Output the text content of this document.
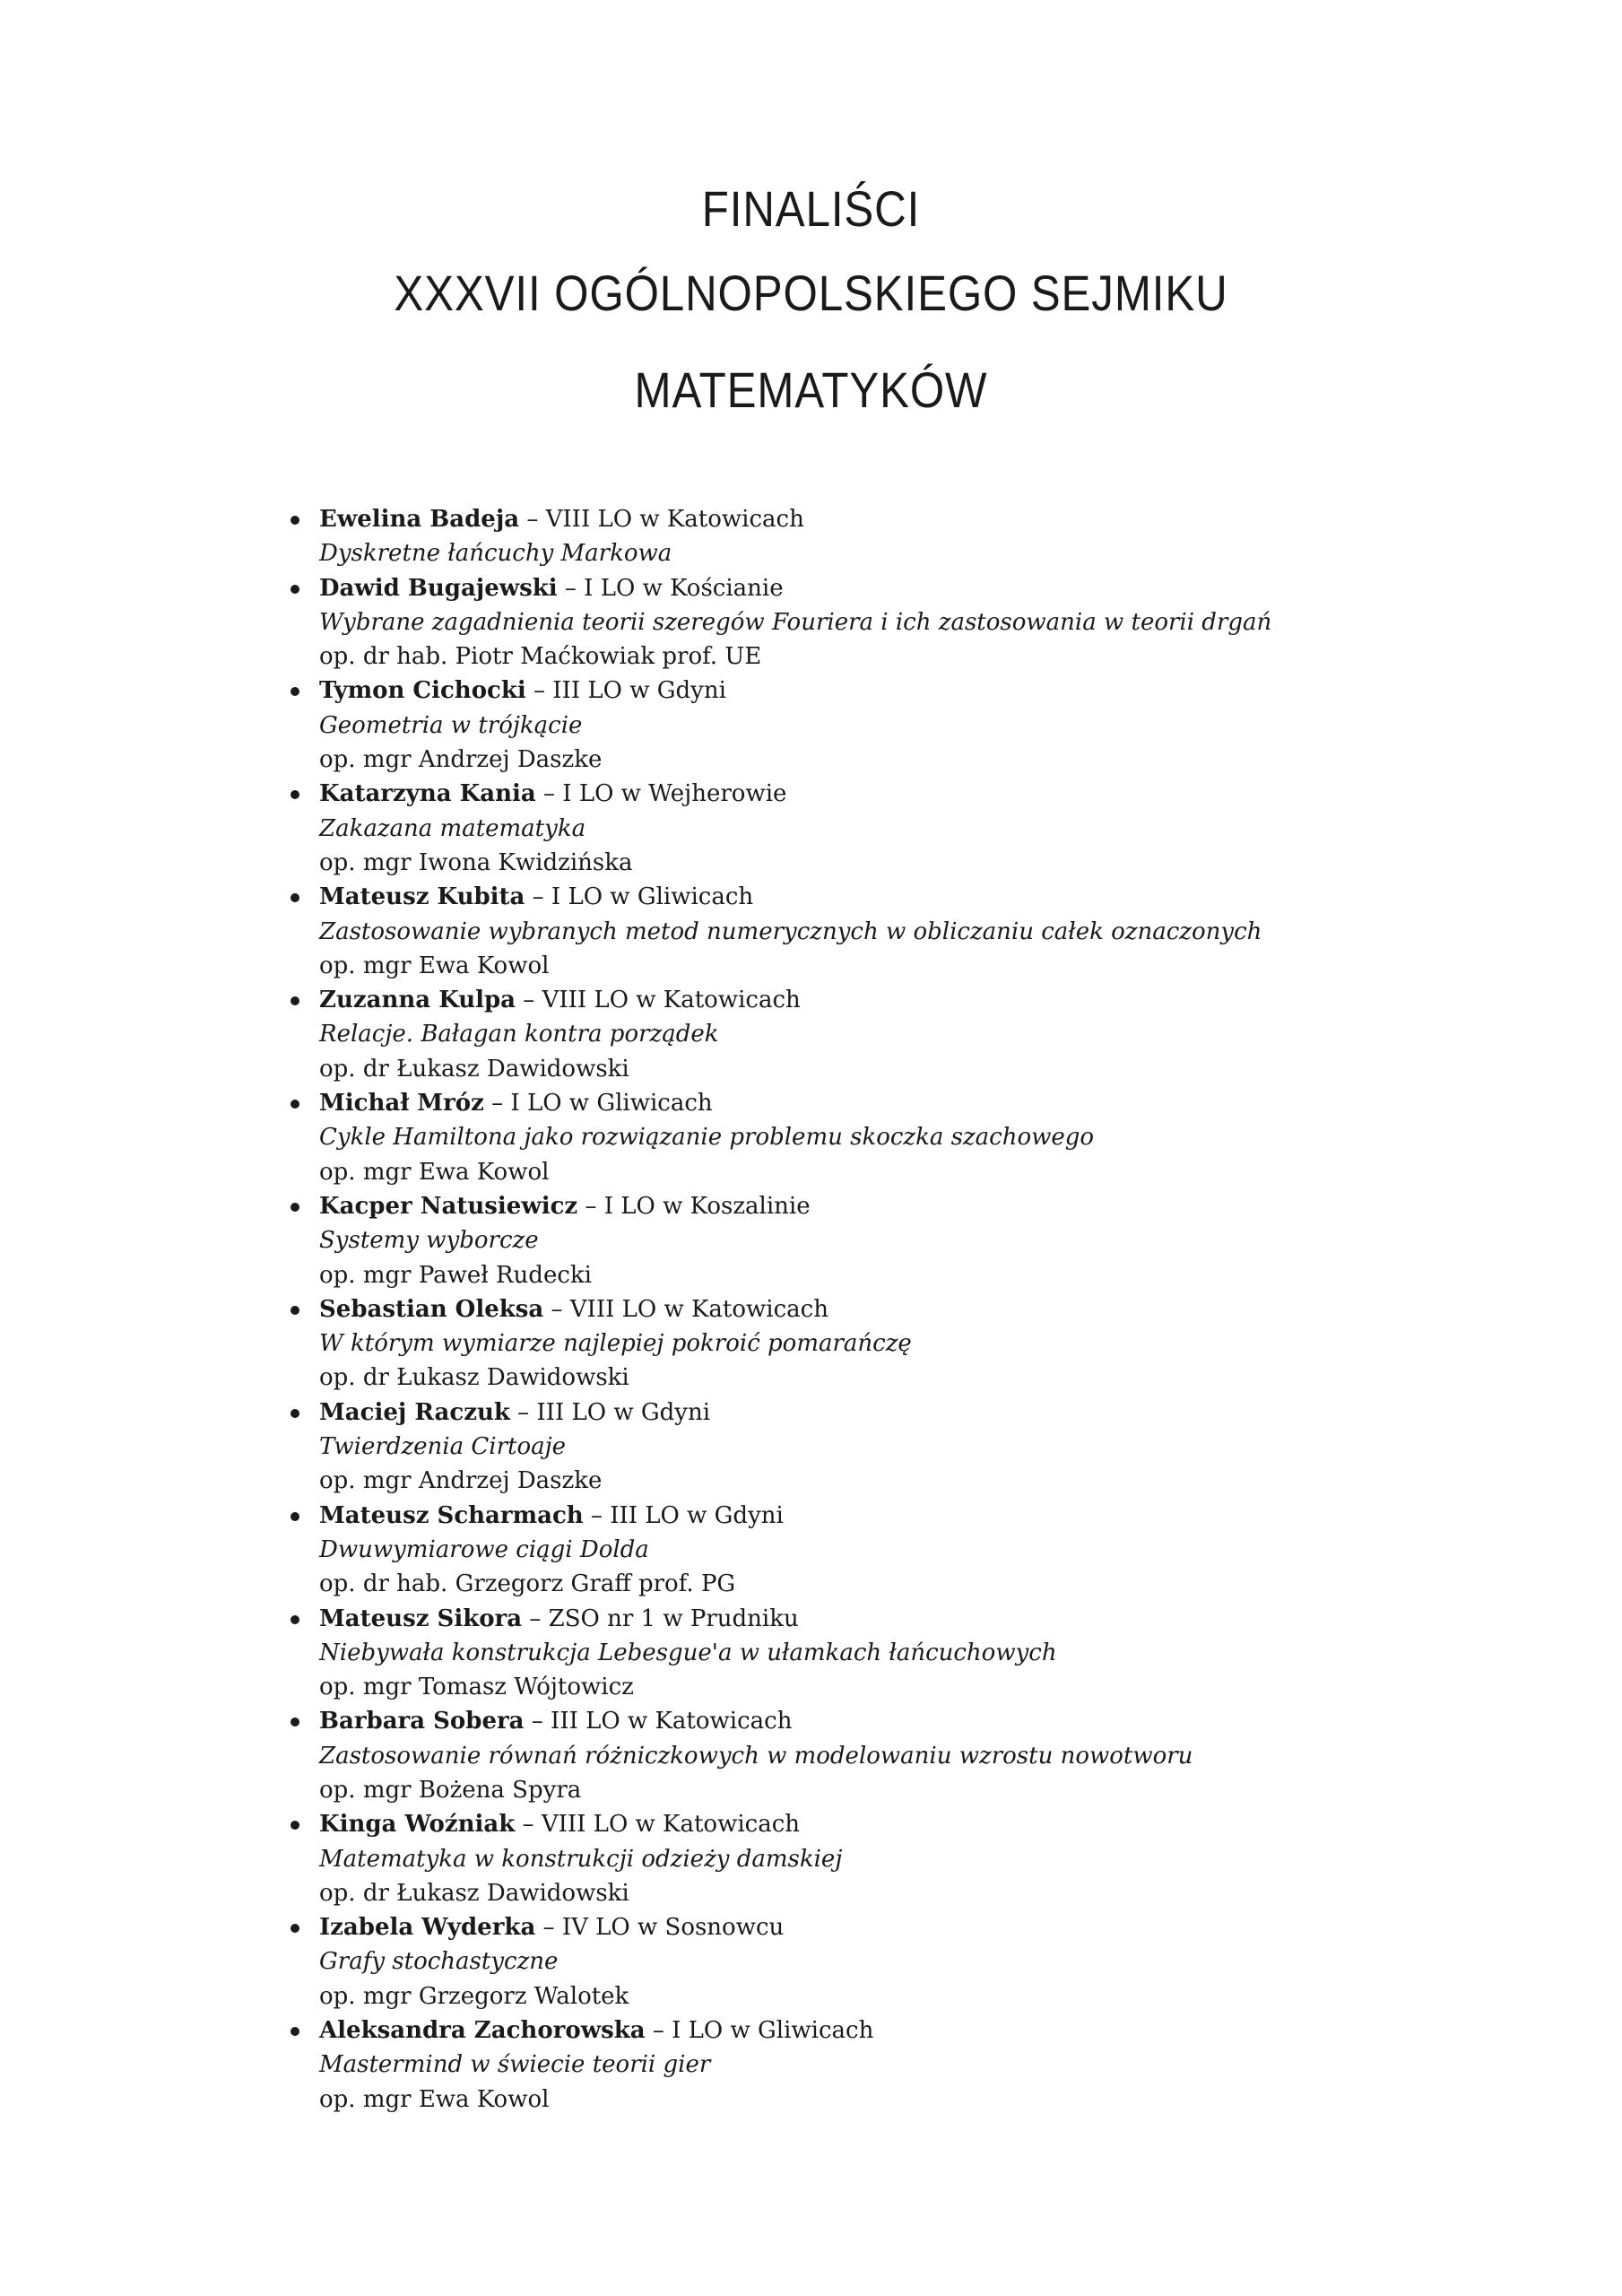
FINALIŚCI
XXXVII OGÓLNOPOLSKIEGO SEJMIKU
MATEMATYKÓW
Ewelina Badeja – VIII LO w Katowicach
Dyskretne łańcuchy Markowa
Dawid Bugajewski – I LO w Kościanie
Wybrane zagadnienia teorii szeregów Fouriera i ich zastosowania w teorii drgań
op. dr hab. Piotr Maćkowiak prof. UE
Tymon Cichocki – III LO w Gdyni
Geometria w trójkącie
op. mgr Andrzej Daszke
Katarzyna Kania – I LO w Wejherowie
Zakazana matematyka
op. mgr Iwona Kwidzińska
Mateusz Kubita – I LO w Gliwicach
Zastosowanie wybranych metod numerycznych w obliczaniu całek oznaczonych
op. mgr Ewa Kowol
Zuzanna Kulpa – VIII LO w Katowicach
Relacje. Bałagan kontra porządek
op. dr Łukasz Dawidowski
Michał Mróz – I LO w Gliwicach
Cykle Hamiltona jako rozwiązanie problemu skoczka szachowego
op. mgr Ewa Kowol
Kacper Natusiewicz – I LO w Koszalinie
Systemy wyborcze
op. mgr Paweł Rudecki
Sebastian Oleksa – VIII LO w Katowicach
W którym wymiarze najlepiej pokroić pomarańczę
op. dr Łukasz Dawidowski
Maciej Raczuk – III LO w Gdyni
Twierdzenia Cirtoaje
op. mgr Andrzej Daszke
Mateusz Scharmach – III LO w Gdyni
Dwuwymiarowe ciągi Dolda
op. dr hab. Grzegorz Graff prof. PG
Mateusz Sikora – ZSO nr 1 w Prudniku
Niebywała konstrukcja Lebesgue'a w ułamkach łańcuchowych
op. mgr Tomasz Wójtowicz
Barbara Sobera – III LO w Katowicach
Zastosowanie równań różniczkowych w modelowaniu wzrostu nowotworu
op. mgr Bożena Spyra
Kinga Woźniak – VIII LO w Katowicach
Matematyka w konstrukcji odzieży damskiej
op. dr Łukasz Dawidowski
Izabela Wyderka – IV LO w Sosnowcu
Grafy stochastyczne
op. mgr Grzegorz Walotek
Aleksandra Zachorowska – I LO w Gliwicach
Mastermind w świecie teorii gier
op. mgr Ewa Kowol
